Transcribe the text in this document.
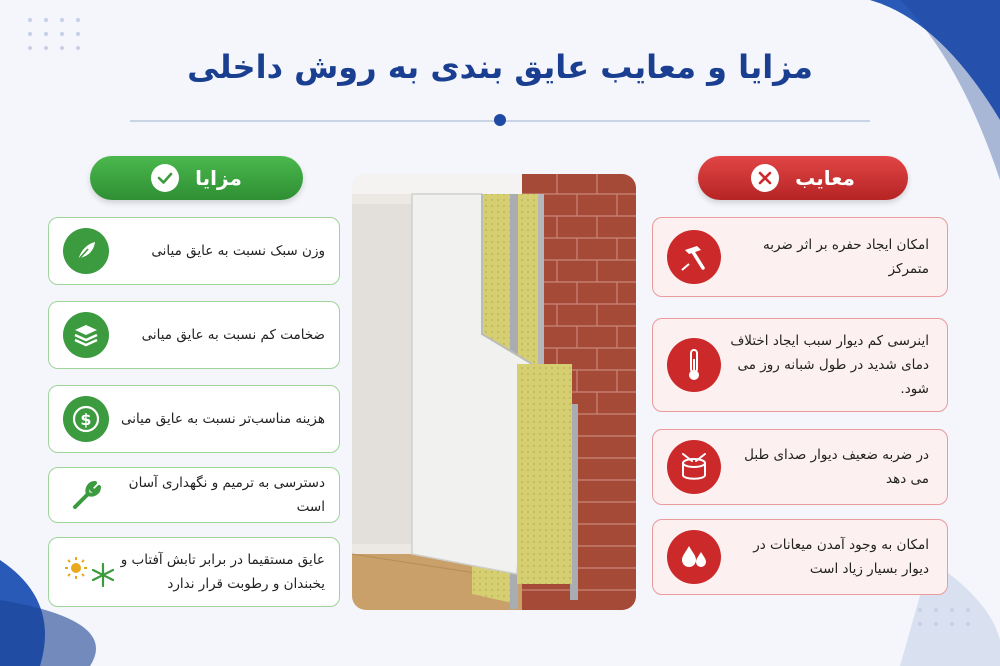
مزایا و معایب عایق بندی به روش داخلی
مزایا	معایب
وزن سبک نسبت به عایق میانی
ضخامت کم نسبت به عایق میانی
$	هزینه مناسب‌تر نسبت به عایق میانی
دسترسی به ترمیم و نگهداری آسان است
عایق مستقیما در برابر تابش آفتاب و یخبندان و رطوبت قرار ندارد
امکان ایجاد حفره بر اثر ضربه متمرکز
اینرسی کم دیوار سبب ایجاد اختلاف دمای شدید در طول شبانه روز می شود.
در ضربه ضعیف دیوار صدای طبل می دهد
امکان به وجود آمدن میعانات در دیوار بسیار زیاد است
